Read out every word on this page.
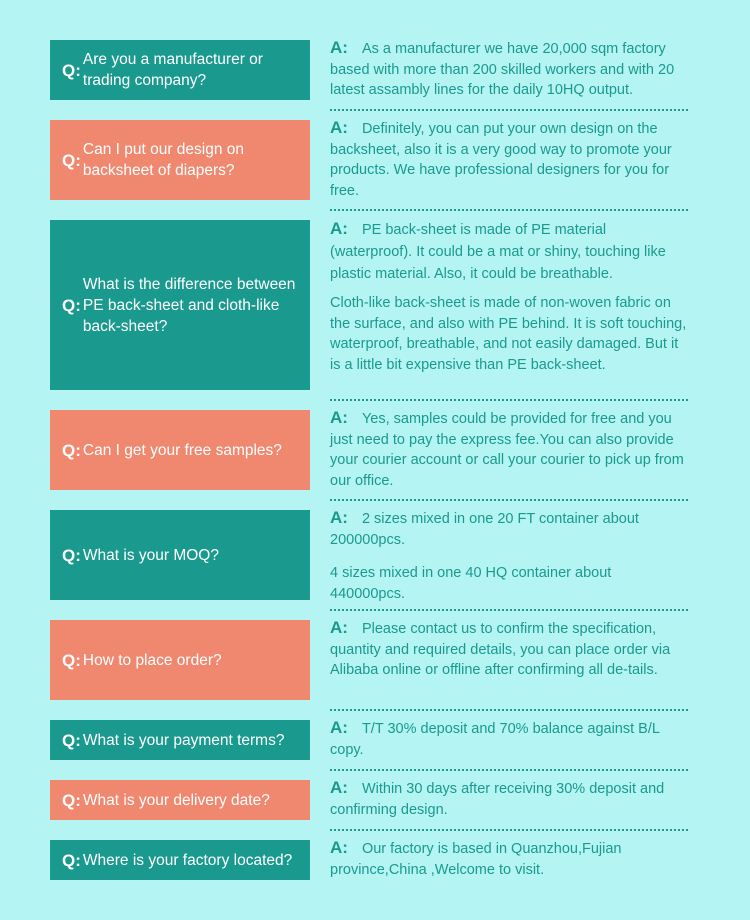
Q:
Are you a manufacturer or trading company?

A: As a manufacturer we have 20,000 sqm factory based with more than 200 skilled workers and with 20 latest assambly lines for the daily 10HQ output.

Q:
Can I put our design on backsheet of diapers?

A: Definitely, you can put your own design on the backsheet, also it is a very good way to promote your products. We have professional designers for you for free.

Q:
What is the difference between PE back-sheet and cloth-like back-sheet?

A: PE back-sheet is made of PE material (waterproof). It could be a mat or shiny, touching like plastic material. Also, it could be breathable.

Cloth-like back-sheet is made of non-woven fabric on the surface, and also with PE behind. It is soft touching, waterproof, breathable, and not easily damaged. But it is a little bit expensive than PE back-sheet.

Q: Can I get your free samples?

A: Yes, samples could be provided for free and you just need to pay the express fee.You can also provide your courier account or call your courier to pick up from our office.

Q: What is your MOQ?

A: 2 sizes mixed in one 20 FT container about 200000pcs.

4 sizes mixed in one 40 HQ container about 440000pcs.

Q: How to place order?

A: Please contact us to confirm the specification, quantity and required details, you can place order via Alibaba online or offline after confirming all de-tails.

Q: What is your payment terms?

A: T/T 30% deposit and 70% balance against B/L copy.

Q: What is your delivery date?

A: Within 30 days after receiving 30% deposit and confirming design.

Q: Where is your factory located?

A: Our factory is based in Quanzhou,Fujian province,China ,Welcome to visit.
